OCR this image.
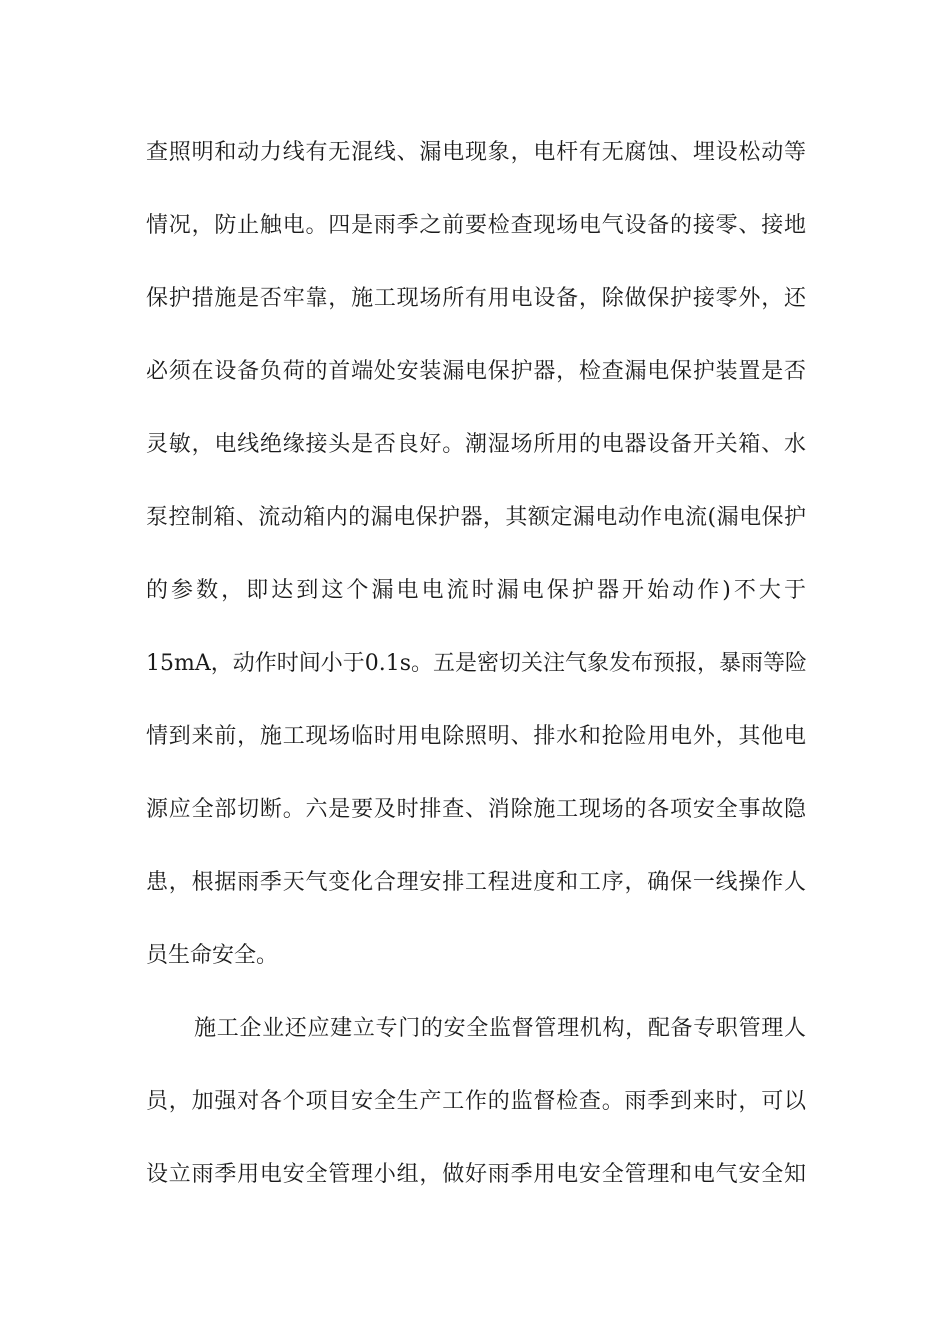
查照明和动力线有无混线、漏电现象，电杆有无腐蚀、埋设松动等
情况，防止触电。四是雨季之前要检查现场电气设备的接零、接地
保护措施是否牢靠，施工现场所有用电设备，除做保护接零外，还
必须在设备负荷的首端处安装漏电保护器，检查漏电保护装置是否
灵敏，电线绝缘接头是否良好。潮湿场所用的电器设备开关箱、水
泵控制箱、流动箱内的漏电保护器，其额定漏电动作电流(漏电保护
的参数，即达到这个漏电电流时漏电保护器开始动作)不大于
15mA，动作时间小于0.1s。五是密切关注气象发布预报，暴雨等险
情到来前，施工现场临时用电除照明、排水和抢险用电外，其他电
源应全部切断。六是要及时排查、消除施工现场的各项安全事故隐
患，根据雨季天气变化合理安排工程进度和工序，确保一线操作人
员生命安全。
施工企业还应建立专门的安全监督管理机构，配备专职管理人
员，加强对各个项目安全生产工作的监督检查。雨季到来时，可以
设立雨季用电安全管理小组，做好雨季用电安全管理和电气安全知
